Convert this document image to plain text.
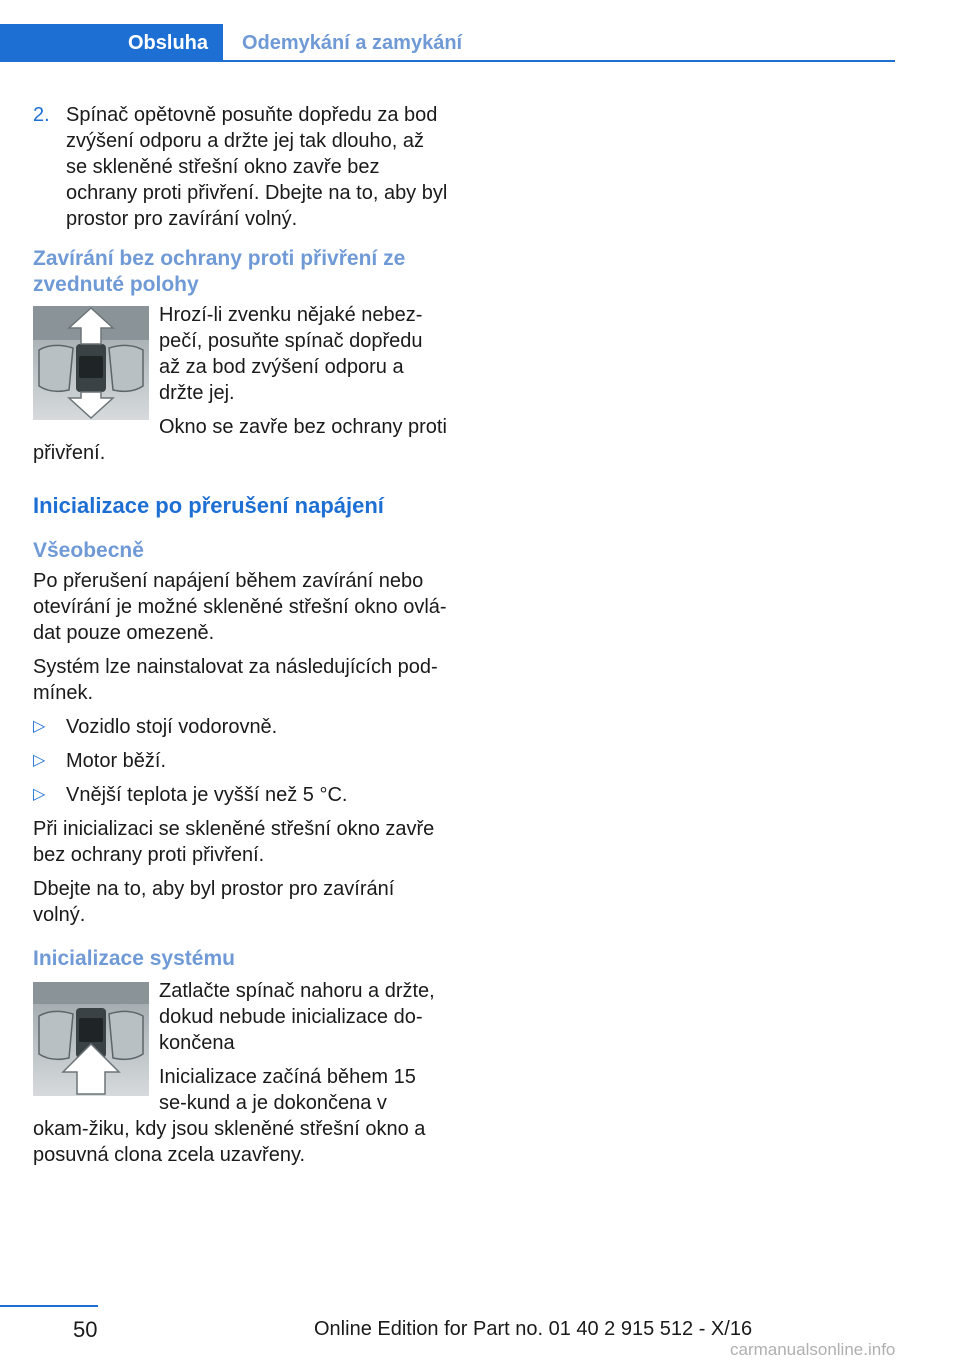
Obsluha	Odemykání a zamykání
2. Spínač opětovně posuňte dopředu za bod zvýšení odporu a držte jej tak dlouho, až se skleněné střešní okno zavře bez ochrany proti přivření. Dbejte na to, aby byl prostor pro zavírání volný.
Zavírání bez ochrany proti přivření ze zvednuté polohy

Hrozí-li zvenku nějaké nebez-pečí, posuňte spínač dopředu až za bod zvýšení odporu a držte jej.

Okno se zavře bez ochrany proti přivření.

Inicializace po přerušení napájení
Všeobecně

Po přerušení napájení během zavírání nebo otevírání je možné skleněné střešní okno ovlá-dat pouze omezeně.

Systém lze nainstalovat za následujících pod-mínek.

▷ Vozidlo stojí vodorovně.
▷ Motor běží.
▷ Vnější teplota je vyšší než 5 °C.

Při inicializaci se skleněné střešní okno zavře bez ochrany proti přivření.

Dbejte na to, aby byl prostor pro zavírání volný.

Inicializace systému

Zatlačte spínač nahoru a držte, dokud nebude inicializace do-končena

Inicializace začíná během 15 se-kund a je dokončena v okam-žiku, kdy jsou skleněné střešní okno a posuvná clona zcela uzavřeny.

50	Online Edition for Part no. 01 40 2 915 512 - X/16
carmanualsonline.info
